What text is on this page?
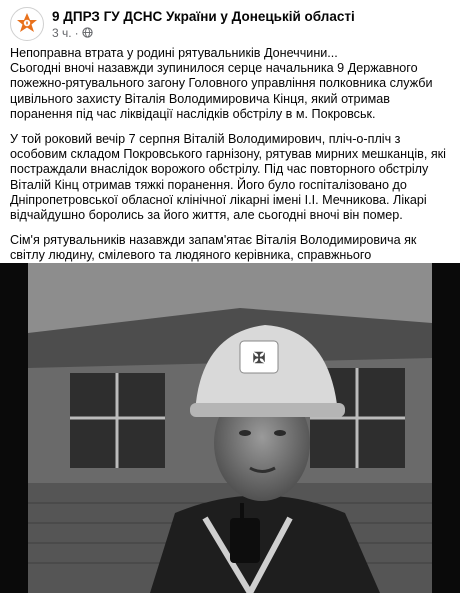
9 ДПРЗ ГУ ДСНС України у Донецькій області
3 ч. ·

Непоправна втрата у родині рятувальників Донеччини...
Сьогодні вночі назавжди зупинилося серце начальника 9 Державного пожежно-рятувального загону Головного управління полковника служби цивільного захисту Віталія Володимировича Кінця, який отримав поранення під час ліквідації наслідків обстрілу в м. Покровськ.

У той роковий вечір 7 серпня Віталій Володимирович, пліч-о-пліч з особовим складом Покровського гарнізону, рятував мирних мешканців, які постраждали внаслідок ворожого обстрілу. Під час повторного обстрілу Віталій Кінц отримав тяжкі поранення. Його було госпіталізовано до Дніпропетровської обласної клінічної лікарні імені І.І. Мечникова. Лікарі відчайдушно боролись за його життя, але сьогодні вночі він помер.

Сім'я рятувальників назавжди запам'ятає Віталія Володимировича як світлу людину, смілевого та людяного керівника, справжнього

✠
